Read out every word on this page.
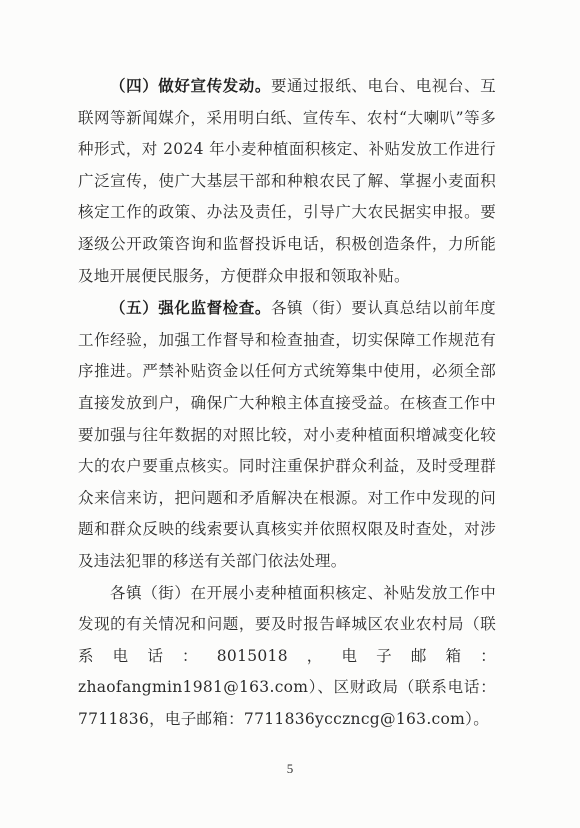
（四）做好宣传发动。要通过报纸、电台、电视台、互联网等新闻媒介，采用明白纸、宣传车、农村“大喇叭”等多种形式，对 2024 年小麦种植面积核定、补贴发放工作进行广泛宣传，使广大基层干部和种粮农民了解、掌握小麦面积核定工作的政策、办法及责任，引导广大农民据实申报。要逐级公开政策咨询和监督投诉电话，积极创造条件，力所能及地开展便民服务，方便群众申报和领取补贴。

（五）强化监督检查。各镇（街）要认真总结以前年度工作经验，加强工作督导和检查抽查，切实保障工作规范有序推进。严禁补贴资金以任何方式统筹集中使用，必须全部直接发放到户，确保广大种粮主体直接受益。在核查工作中要加强与往年数据的对照比较，对小麦种植面积增减变化较大的农户要重点核实。同时注重保护群众利益，及时受理群众来信来访，把问题和矛盾解决在根源。对工作中发现的问题和群众反映的线索要认真核实并依照权限及时查处，对涉及违法犯罪的移送有关部门依法处理。

各镇（街）在开展小麦种植面积核定、补贴发放工作中发现的有关情况和问题，要及时报告峄城区农业农村局（联系电话：8015018，电子邮箱：zhaofangmin1981@163.com）、区财政局（联系电话：7711836，电子邮箱：7711836ycczncg@163.com）。

5
